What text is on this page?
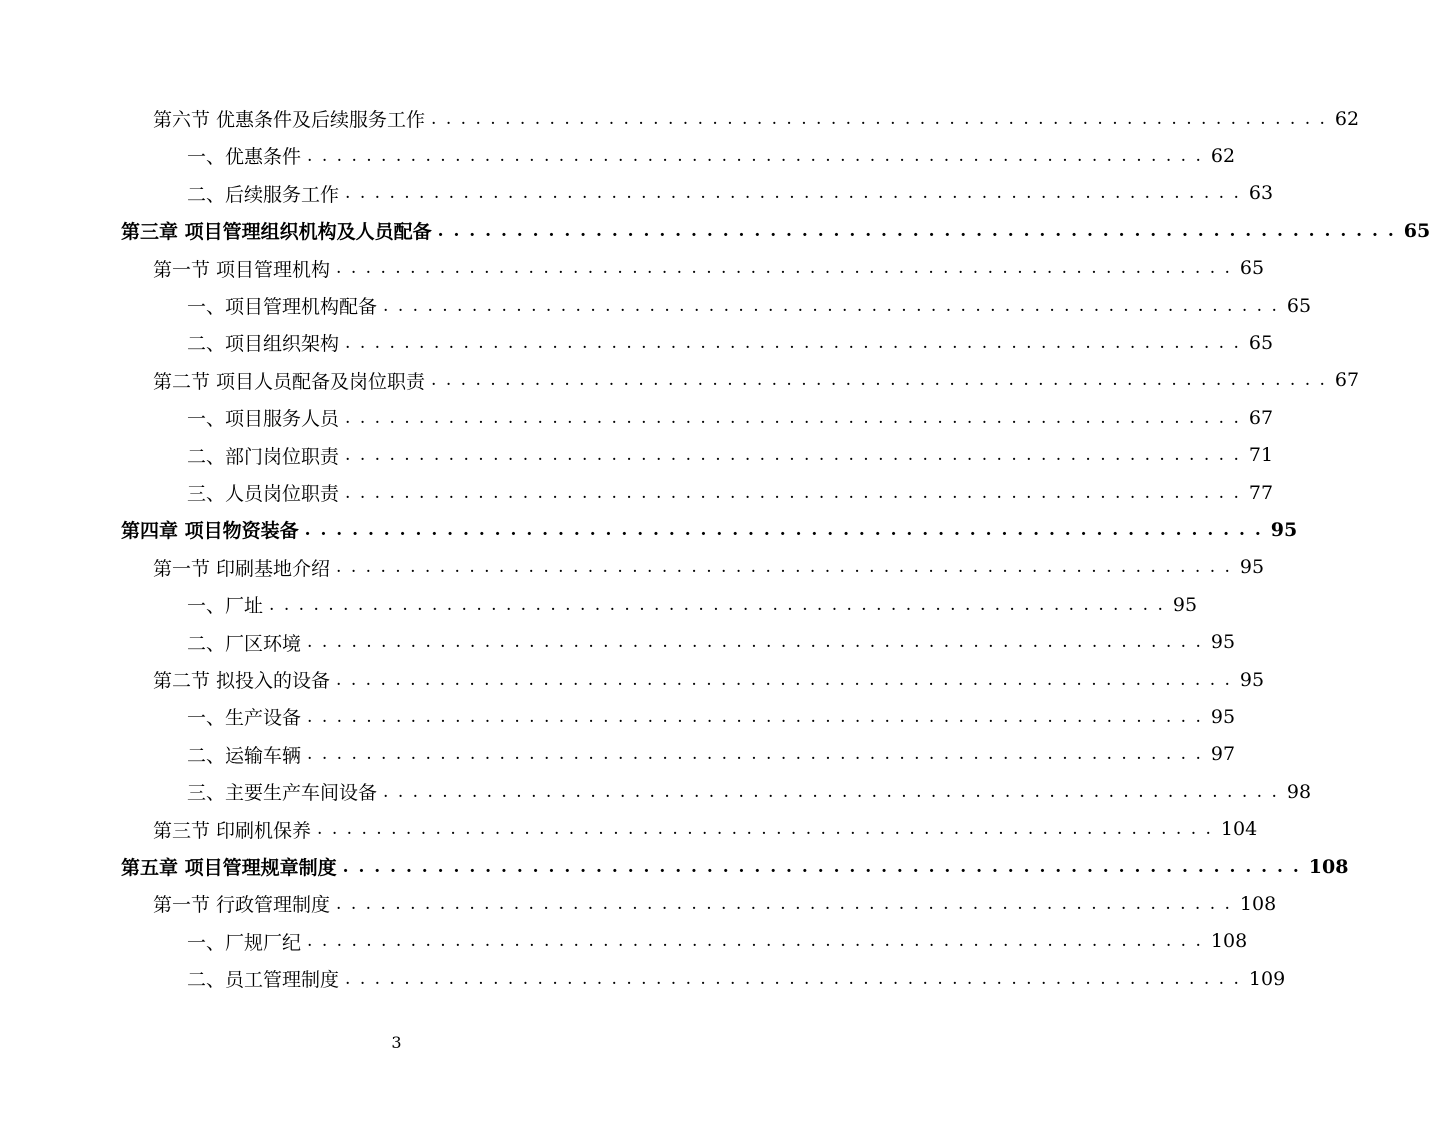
第六节 优惠条件及后续服务工作 . . . . . . . . . . . . . . . . . . . . . . . . . . . . . . . . . . . . . . . . . . . . . . . . . . . . . . . . . . . . . 62
一、优惠条件 . . . . . . . . . . . . . . . . . . . . . . . . . . . . . . . . . . . . . . . . . . . . . . . . . . . . . . . . . . . . . 62
二、后续服务工作 . . . . . . . . . . . . . . . . . . . . . . . . . . . . . . . . . . . . . . . . . . . . . . . . . . . . . . . . . . . . . 63
第三章 项目管理组织机构及人员配备 . . . . . . . . . . . . . . . . . . . . . . . . . . . . . . . . . . . . . . . . . . . . . . . . . . . . . . . . . . . . . 65
第一节 项目管理机构 . . . . . . . . . . . . . . . . . . . . . . . . . . . . . . . . . . . . . . . . . . . . . . . . . . . . . . . . . . . . . 65
一、项目管理机构配备 . . . . . . . . . . . . . . . . . . . . . . . . . . . . . . . . . . . . . . . . . . . . . . . . . . . . . . . . . . . . . 65
二、项目组织架构 . . . . . . . . . . . . . . . . . . . . . . . . . . . . . . . . . . . . . . . . . . . . . . . . . . . . . . . . . . . . . 65
第二节 项目人员配备及岗位职责 . . . . . . . . . . . . . . . . . . . . . . . . . . . . . . . . . . . . . . . . . . . . . . . . . . . . . . . . . . . . . 67
一、项目服务人员 . . . . . . . . . . . . . . . . . . . . . . . . . . . . . . . . . . . . . . . . . . . . . . . . . . . . . . . . . . . . . 67
二、部门岗位职责 . . . . . . . . . . . . . . . . . . . . . . . . . . . . . . . . . . . . . . . . . . . . . . . . . . . . . . . . . . . . . 71
三、人员岗位职责 . . . . . . . . . . . . . . . . . . . . . . . . . . . . . . . . . . . . . . . . . . . . . . . . . . . . . . . . . . . . . 77
第四章 项目物资装备 . . . . . . . . . . . . . . . . . . . . . . . . . . . . . . . . . . . . . . . . . . . . . . . . . . . . . . . . . . . . . 95
第一节 印刷基地介绍 . . . . . . . . . . . . . . . . . . . . . . . . . . . . . . . . . . . . . . . . . . . . . . . . . . . . . . . . . . . . . 95
一、厂址 . . . . . . . . . . . . . . . . . . . . . . . . . . . . . . . . . . . . . . . . . . . . . . . . . . . . . . . . . . . . . 95
二、厂区环境 . . . . . . . . . . . . . . . . . . . . . . . . . . . . . . . . . . . . . . . . . . . . . . . . . . . . . . . . . . . . . 95
第二节 拟投入的设备 . . . . . . . . . . . . . . . . . . . . . . . . . . . . . . . . . . . . . . . . . . . . . . . . . . . . . . . . . . . . . 95
一、生产设备 . . . . . . . . . . . . . . . . . . . . . . . . . . . . . . . . . . . . . . . . . . . . . . . . . . . . . . . . . . . . . 95
二、运输车辆 . . . . . . . . . . . . . . . . . . . . . . . . . . . . . . . . . . . . . . . . . . . . . . . . . . . . . . . . . . . . . 97
三、主要生产车间设备 . . . . . . . . . . . . . . . . . . . . . . . . . . . . . . . . . . . . . . . . . . . . . . . . . . . . . . . . . . . . . 98
第三节 印刷机保养 . . . . . . . . . . . . . . . . . . . . . . . . . . . . . . . . . . . . . . . . . . . . . . . . . . . . . . . . . . . . . 104
第五章 项目管理规章制度 . . . . . . . . . . . . . . . . . . . . . . . . . . . . . . . . . . . . . . . . . . . . . . . . . . . . . . . . . . . . . 108
第一节 行政管理制度 . . . . . . . . . . . . . . . . . . . . . . . . . . . . . . . . . . . . . . . . . . . . . . . . . . . . . . . . . . . . . 108
一、厂规厂纪 . . . . . . . . . . . . . . . . . . . . . . . . . . . . . . . . . . . . . . . . . . . . . . . . . . . . . . . . . . . . . 108
二、员工管理制度 . . . . . . . . . . . . . . . . . . . . . . . . . . . . . . . . . . . . . . . . . . . . . . . . . . . . . . . . . . . . . 109
3
